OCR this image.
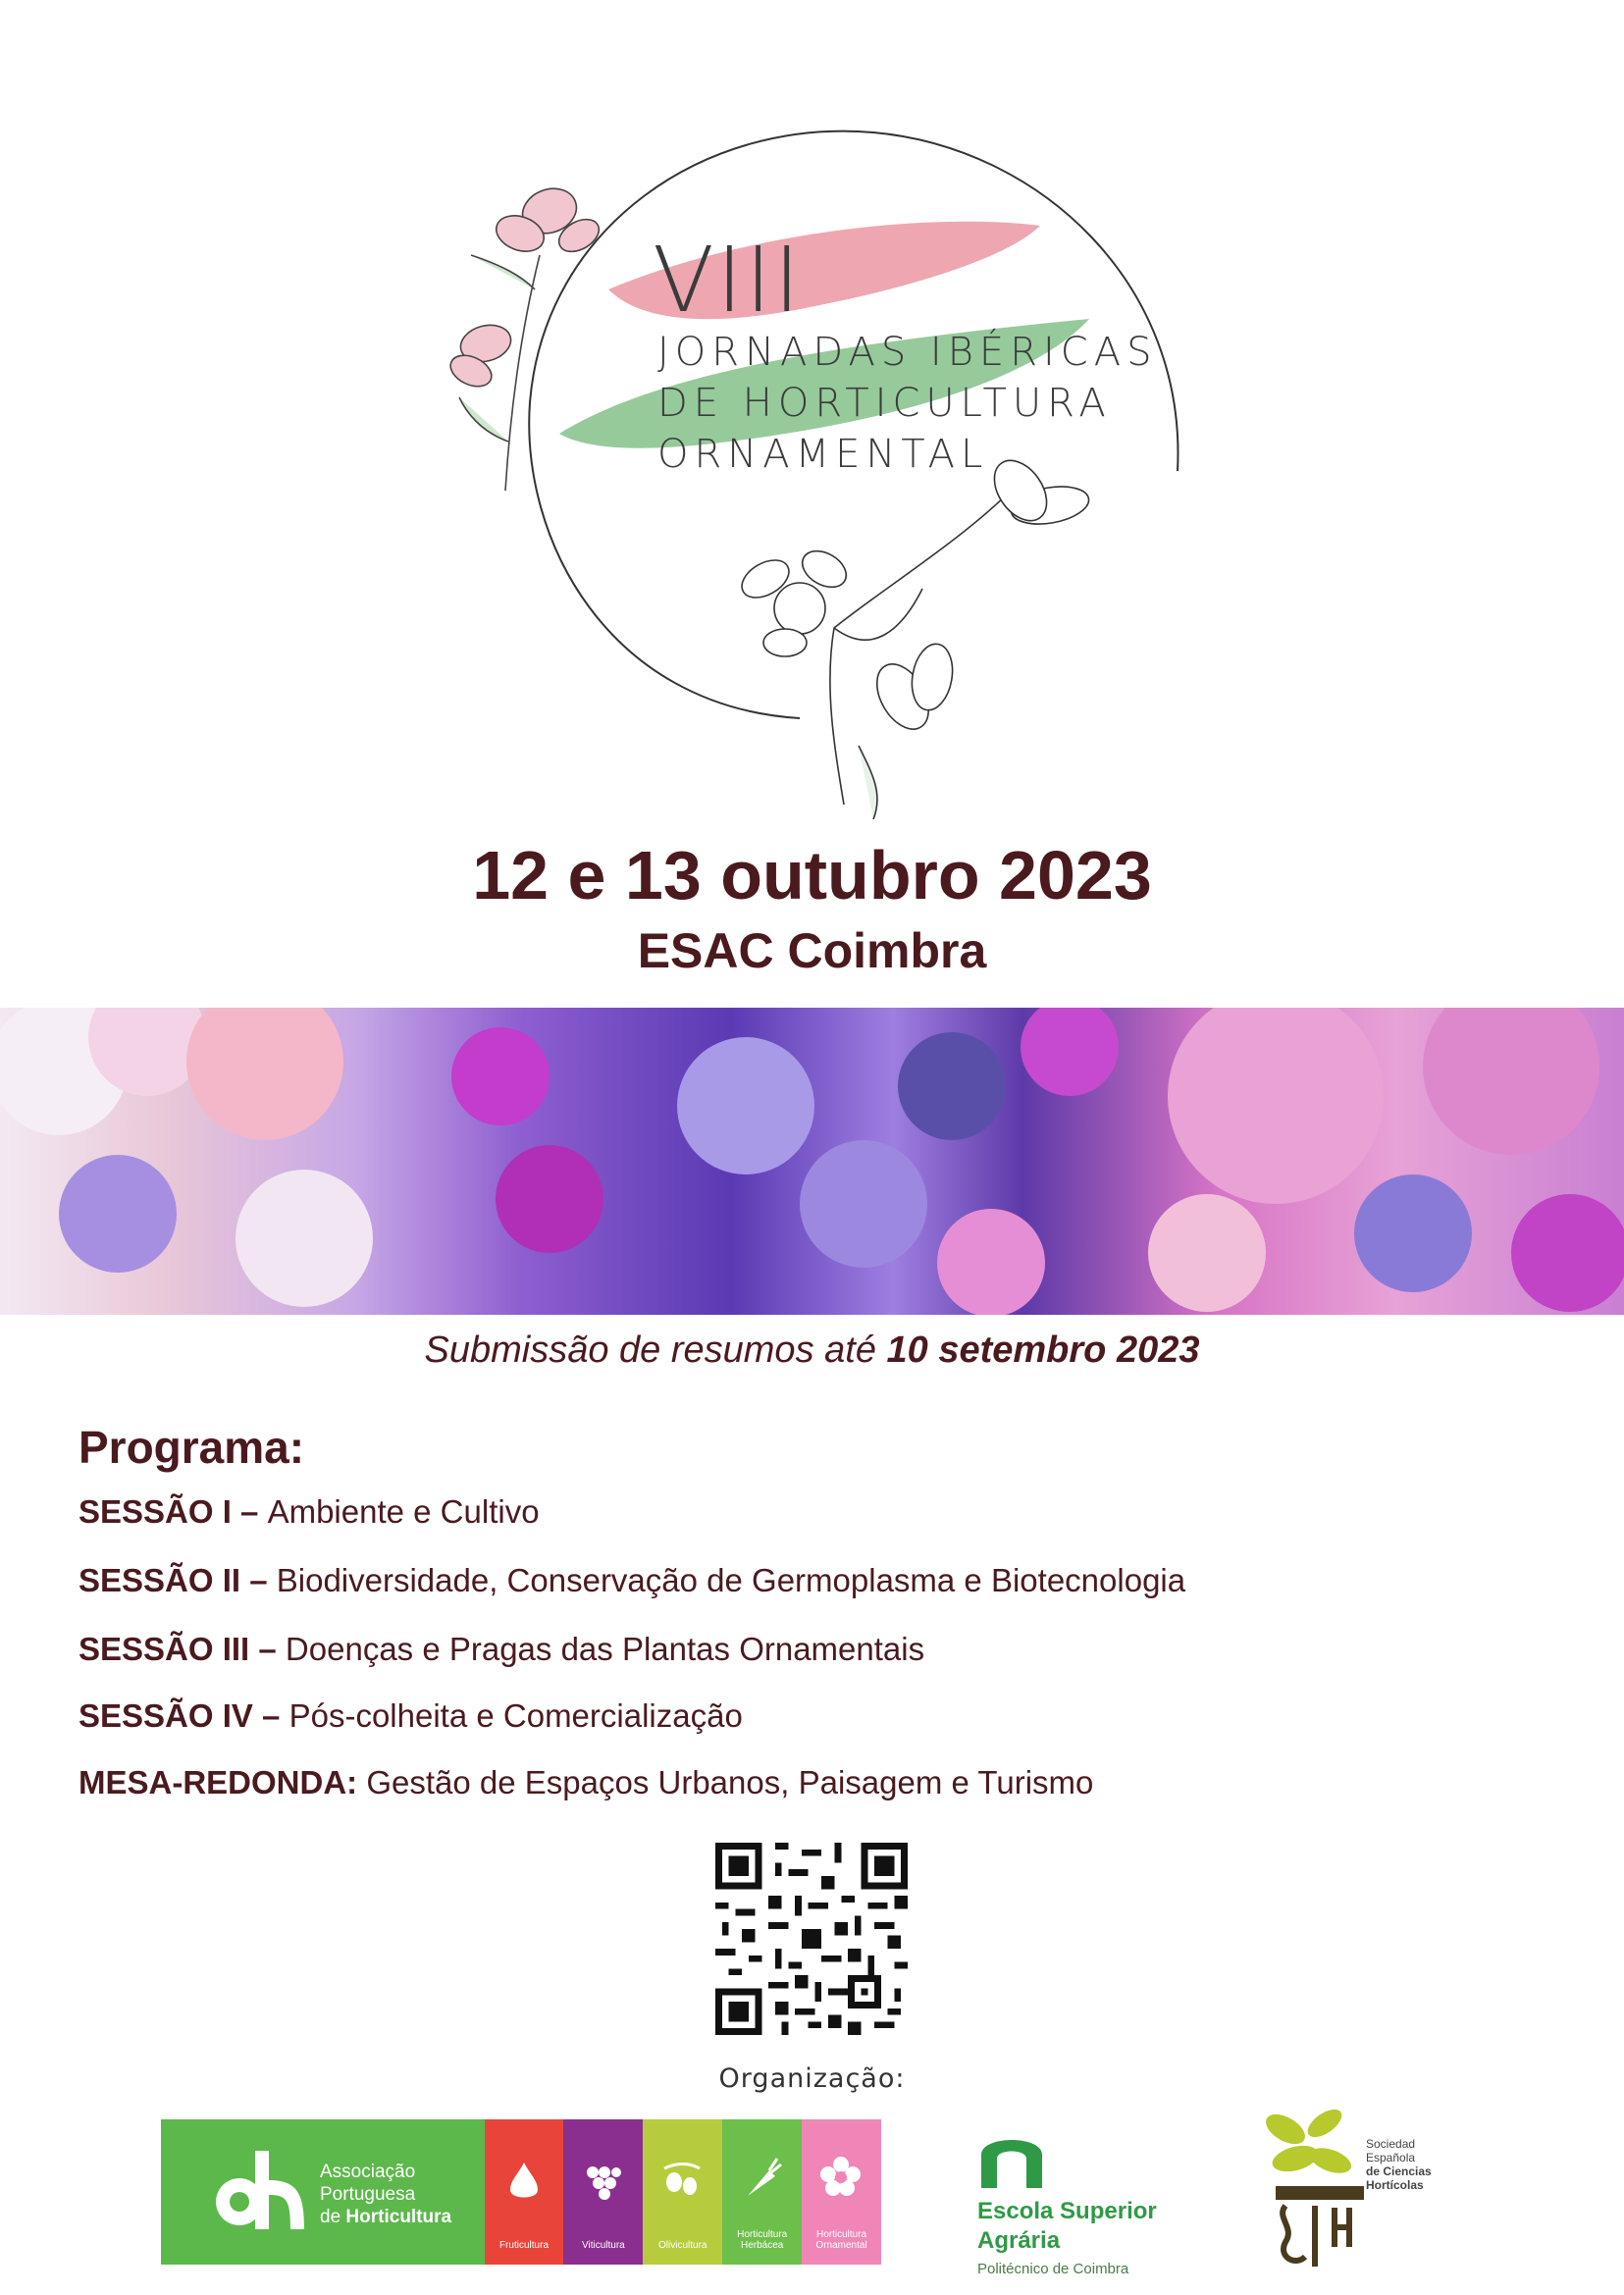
VIII
JORNADAS IBÉRICAS
DE HORTICULTURA
ORNAMENTAL
12 e 13 outubro 2023
ESAC Coimbra
Submissão de resumos até 10 setembro 2023
Programa:
SESSÃO I – Ambiente e Cultivo
SESSÃO II – Biodiversidade, Conservação de Germoplasma e Biotecnologia
SESSÃO III – Doenças e Pragas das Plantas Ornamentais
SESSÃO IV – Pós-colheita e Comercialização
MESA-REDONDA: Gestão de Espaços Urbanos, Paisagem e Turismo
Organização:
Associação
Portuguesa
de Horticultura
Fruticultura	Viticultura	Olivicultura
Horticultura Herbácea
Horticultura Ornamental
Escola Superior
Agrária
Politécnico de Coimbra
Sociedad
Española
de Ciencias
Hortícolas
